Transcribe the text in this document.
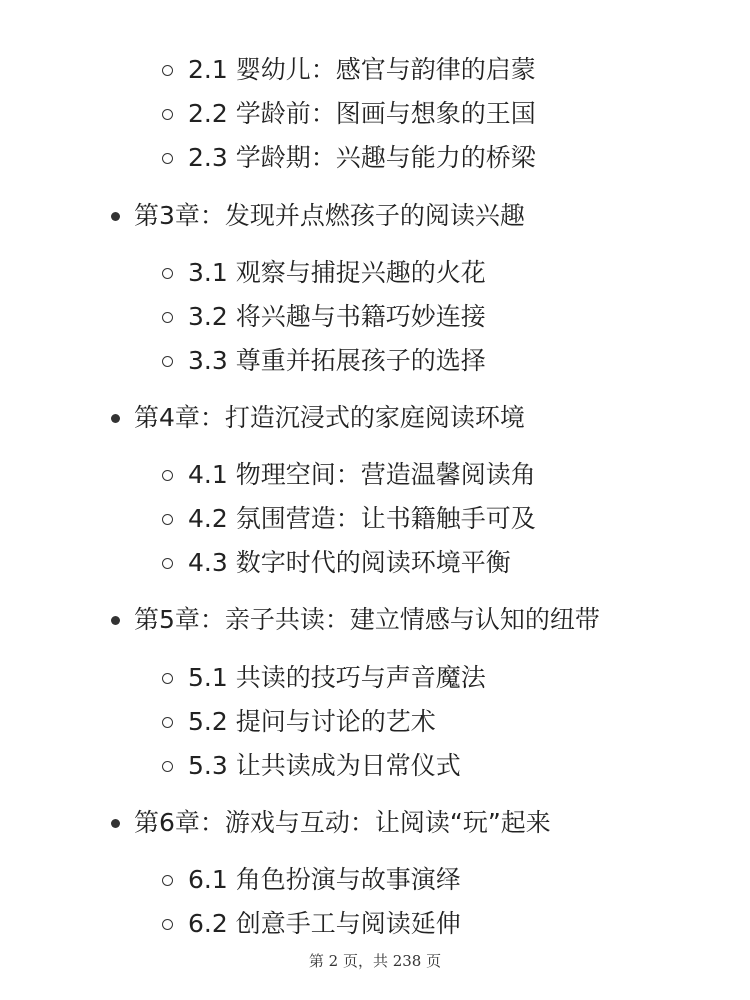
2.1 婴幼儿：感官与韵律的启蒙
2.2 学龄前：图画与想象的王国
2.3 学龄期：兴趣与能力的桥梁
第3章：发现并点燃孩子的阅读兴趣
3.1 观察与捕捉兴趣的火花
3.2 将兴趣与书籍巧妙连接
3.3 尊重并拓展孩子的选择
第4章：打造沉浸式的家庭阅读环境
4.1 物理空间：营造温馨阅读角
4.2 氛围营造：让书籍触手可及
4.3 数字时代的阅读环境平衡
第5章：亲子共读：建立情感与认知的纽带
5.1 共读的技巧与声音魔法
5.2 提问与讨论的艺术
5.3 让共读成为日常仪式
第6章：游戏与互动：让阅读“玩”起来
6.1 角色扮演与故事演绎
6.2 创意手工与阅读延伸
第 2 页，共 238 页
